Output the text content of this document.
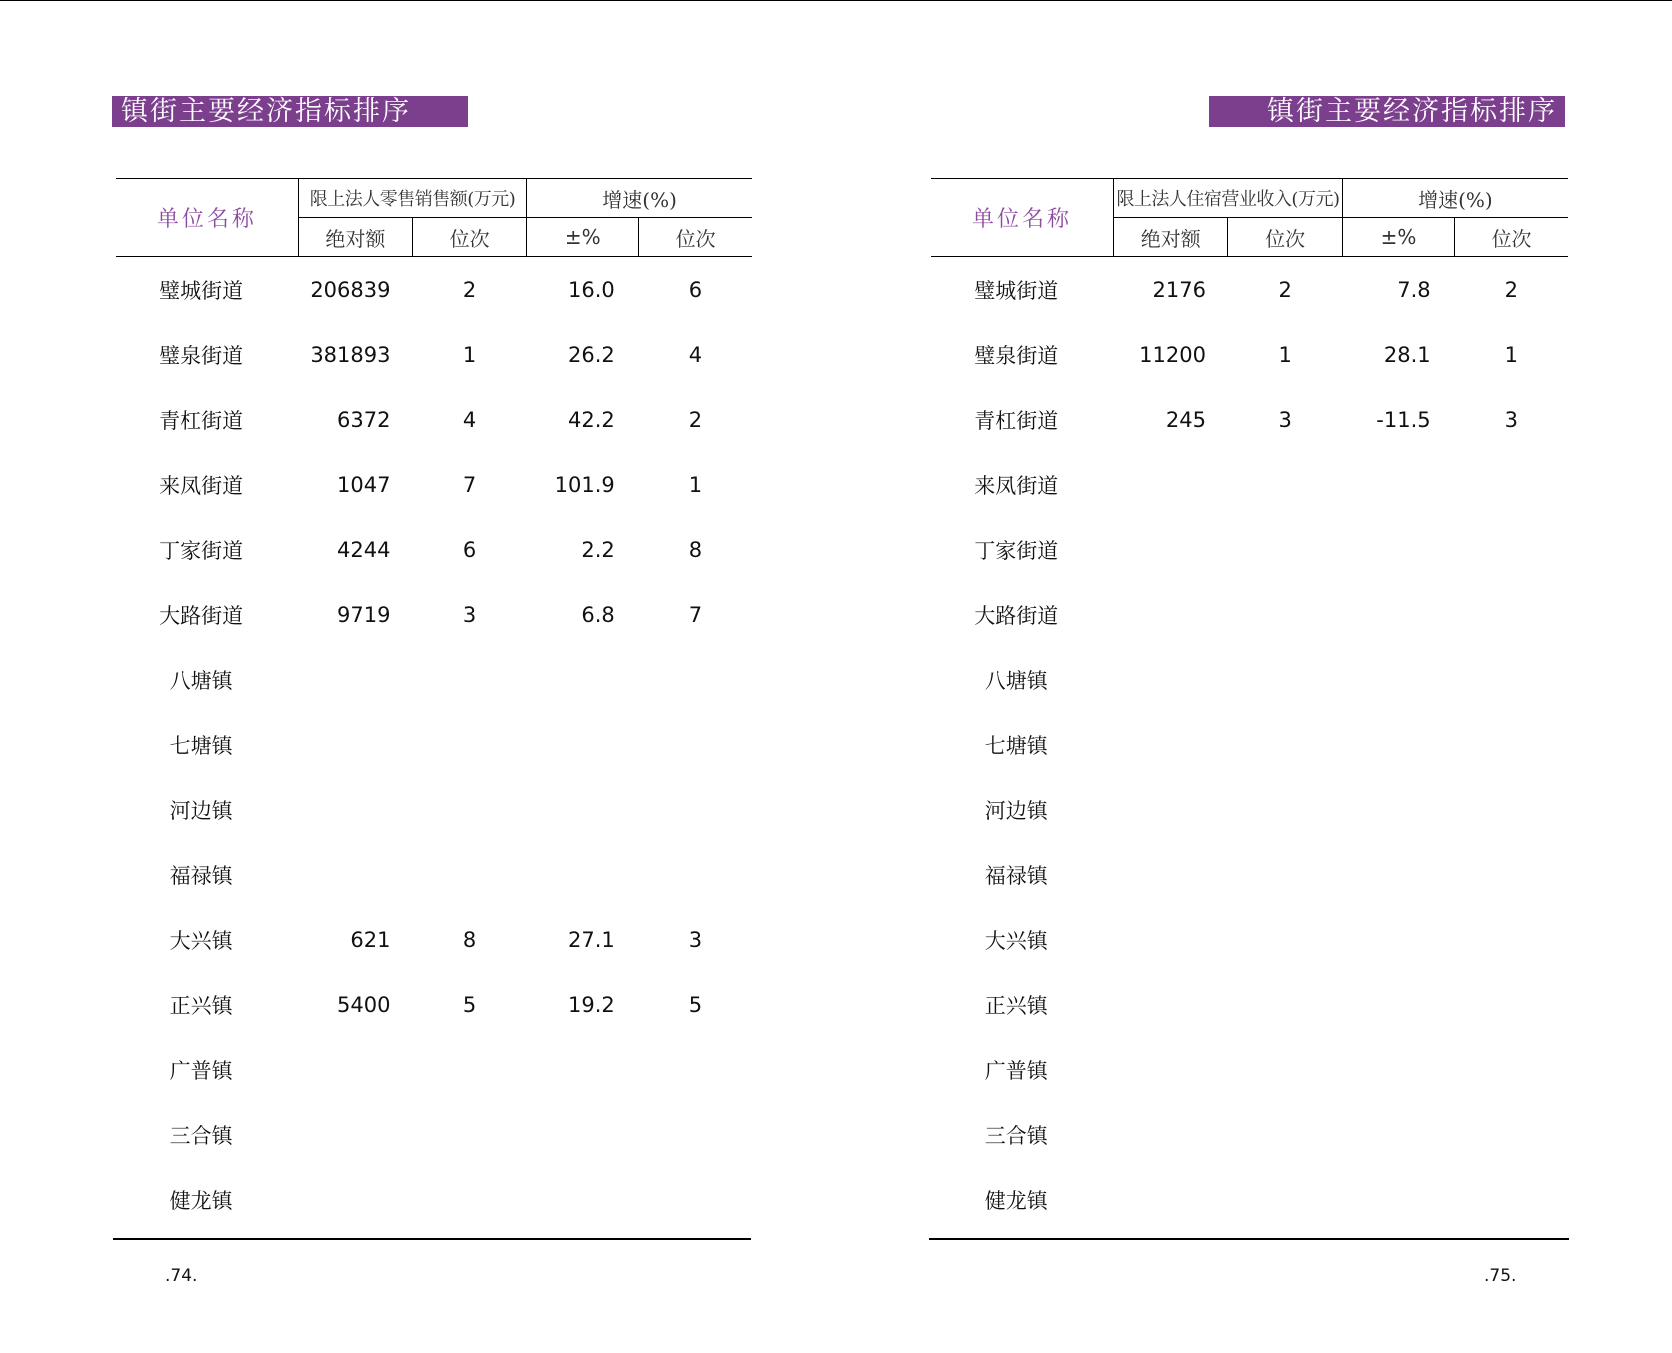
镇街主要经济指标排序
单位名称	限上法人零售销售额(万元)		增速(%)	
	绝对额	位次	±%	位次
璧城街道	206839	2	16.0	6
璧泉街道	381893	1	26.2	4
青杠街道	6372	4	42.2	2
来凤街道	1047	7	101.9	1
丁家街道	4244	6	2.2	8
大路街道	9719	3	6.8	7
八塘镇				
七塘镇				
河边镇				
福禄镇				
大兴镇	621	8	27.1	3
正兴镇	5400	5	19.2	5
广普镇				
三合镇				
健龙镇				
.74.
镇街主要经济指标排序
单位名称	限上法人住宿营业收入(万元)		增速(%)	
	绝对额	位次	±%	位次
璧城街道	2176	2	7.8	2
璧泉街道	11200	1	28.1	1
青杠街道	245	3	-11.5	3
来凤街道				
丁家街道				
大路街道				
八塘镇				
七塘镇				
河边镇				
福禄镇				
大兴镇				
正兴镇				
广普镇				
三合镇				
健龙镇				
.75.
